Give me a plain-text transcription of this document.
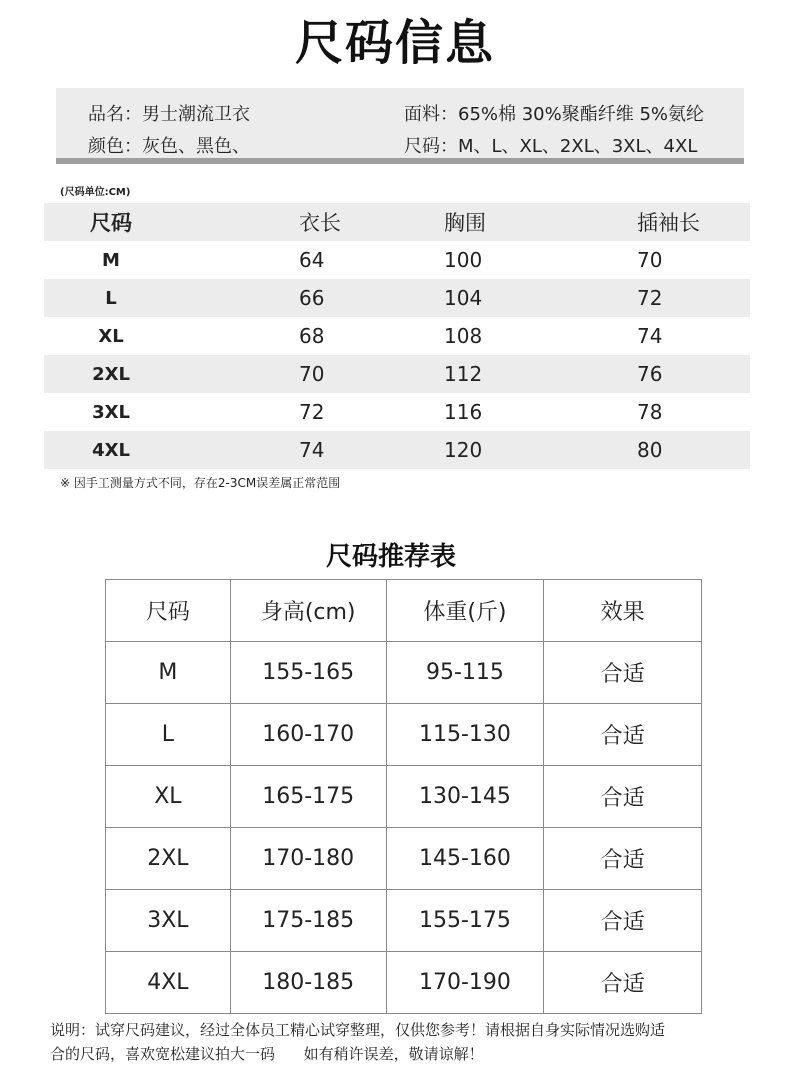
尺码信息
品名：男士潮流卫衣	面料：65%棉 30%聚酯纤维 5%氨纶
颜色：灰色、黑色、	尺码：M、L、XL、2XL、3XL、4XL
(尺码单位:CM)
尺码	衣长	胸围	插袖长
M	64	100	70
L	66	104	72
XL	68	108	74
2XL	70	112	76
3XL	72	116	78
4XL	74	120	80
※ 因手工测量方式不同，存在2-3CM误差属正常范围
尺码推荐表
尺码	身高(cm)	体重(斤)	效果
M	155-165	95-115	合适
L	160-170	115-130	合适
XL	165-175	130-145	合适
2XL	170-180	145-160	合适
3XL	175-185	155-175	合适
4XL	180-185	170-190	合适
说明：试穿尺码建议，经过全体员工精心试穿整理，仅供您参考！请根据自身实际情况选购适
合的尺码，喜欢宽松建议拍大一码      如有稍许误差，敬请谅解！
